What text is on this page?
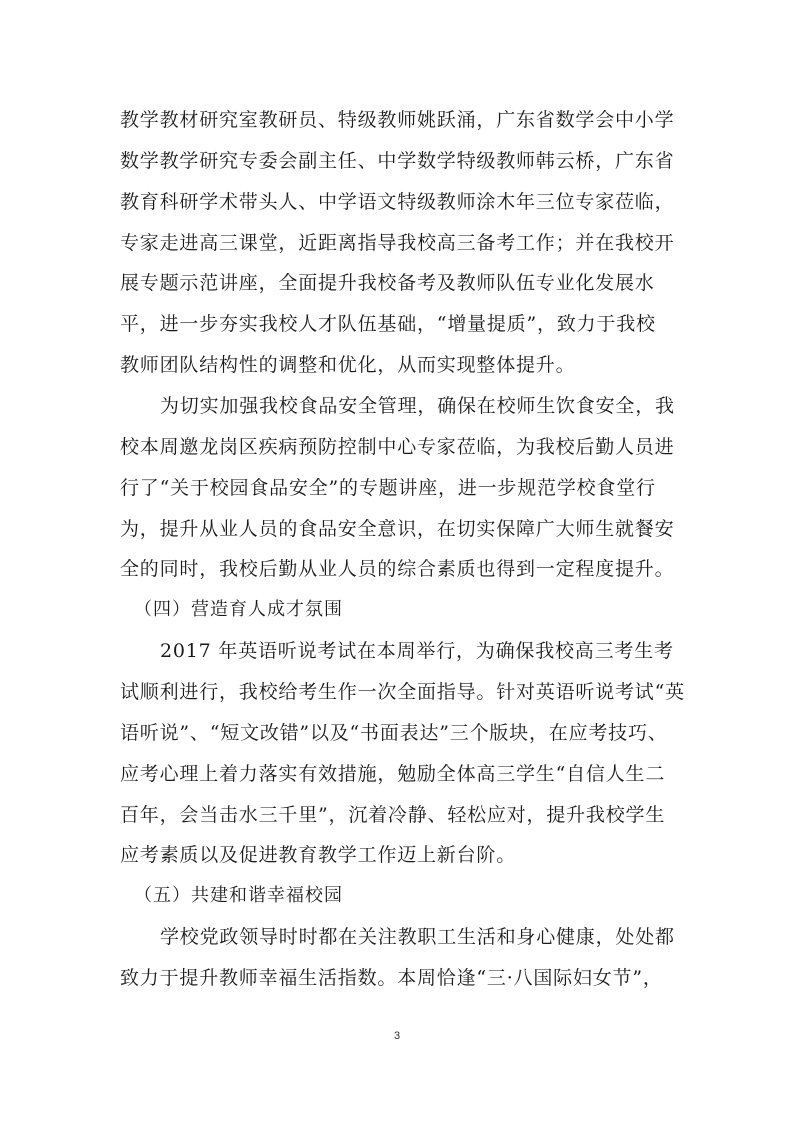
教学教材研究室教研员、特级教师姚跃涌，广东省数学会中小学
数学教学研究专委会副主任、中学数学特级教师韩云桥，广东省
教育科研学术带头人、中学语文特级教师涂木年三位专家莅临，
专家走进高三课堂，近距离指导我校高三备考工作；并在我校开
展专题示范讲座，全面提升我校备考及教师队伍专业化发展水
平，进一步夯实我校人才队伍基础，“增量提质”，致力于我校
教师团队结构性的调整和优化，从而实现整体提升。
为切实加强我校食品安全管理，确保在校师生饮食安全，我
校本周邀龙岗区疾病预防控制中心专家莅临，为我校后勤人员进
行了“关于校园食品安全”的专题讲座，进一步规范学校食堂行
为，提升从业人员的食品安全意识，在切实保障广大师生就餐安
全的同时，我校后勤从业人员的综合素质也得到一定程度提升。
（四）营造育人成才氛围
2017 年英语听说考试在本周举行，为确保我校高三考生考
试顺利进行，我校给考生作一次全面指导。针对英语听说考试“英
语听说”、“短文改错”以及“书面表达”三个版块，在应考技巧、
应考心理上着力落实有效措施，勉励全体高三学生“自信人生二
百年，会当击水三千里”，沉着冷静、轻松应对，提升我校学生
应考素质以及促进教育教学工作迈上新台阶。
（五）共建和谐幸福校园
学校党政领导时时都在关注教职工生活和身心健康，处处都
致力于提升教师幸福生活指数。本周恰逢“三·八国际妇女节”，
3
